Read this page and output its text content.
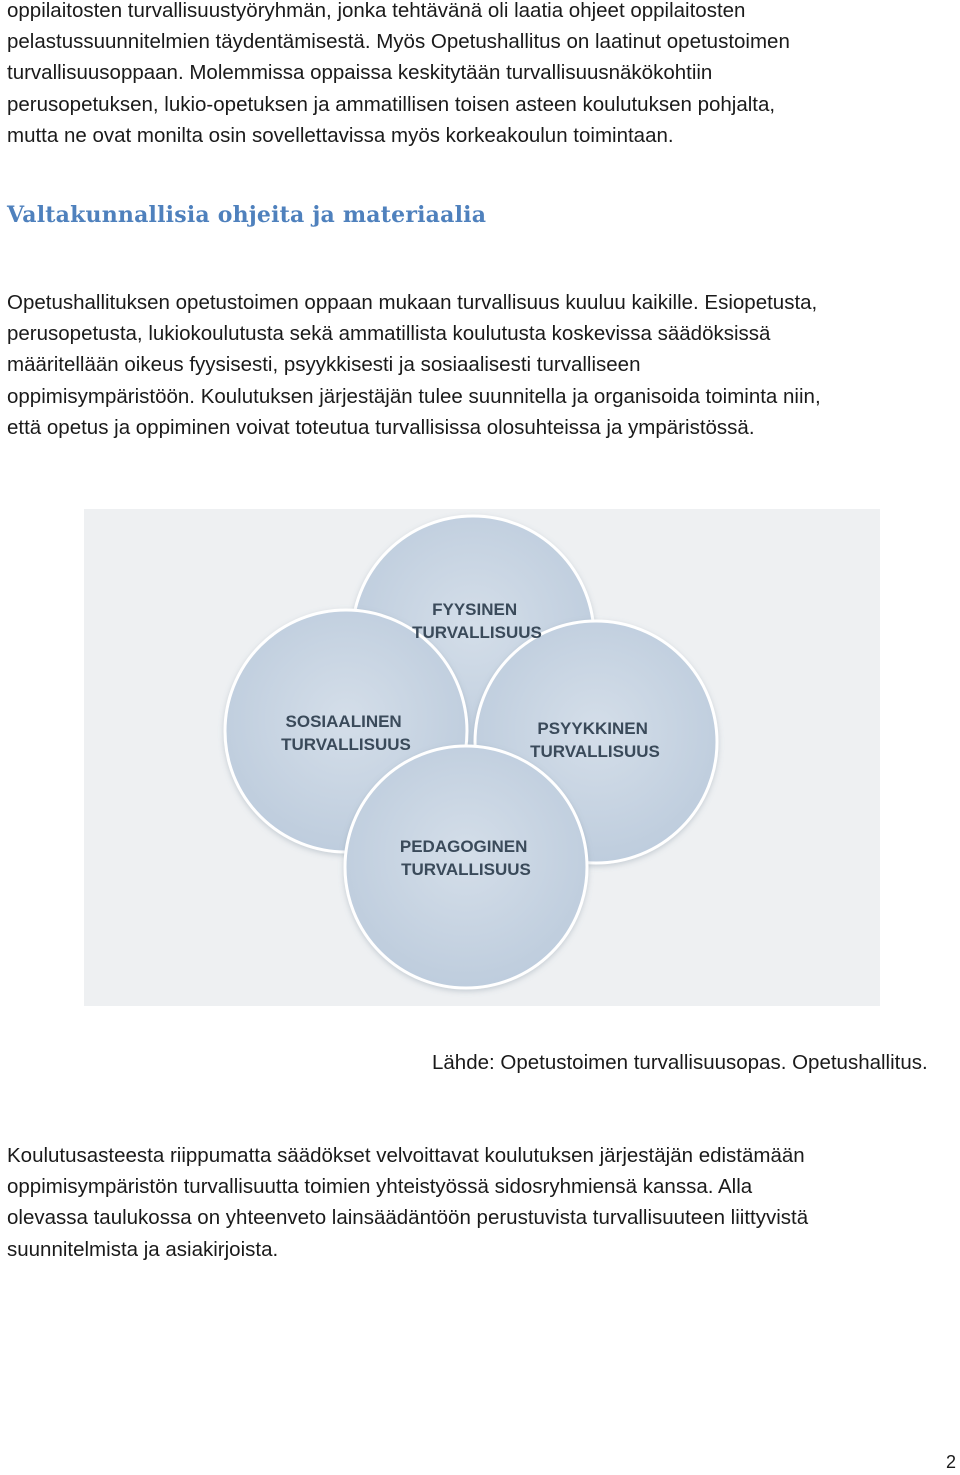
oppilaitosten turvallisuustyöryhmän, jonka tehtävänä oli laatia ohjeet oppilaitosten
pelastussuunnitelmien täydentämisestä. Myös Opetushallitus on laatinut opetustoimen
turvallisuusoppaan. Molemmissa oppaissa keskitytään turvallisuusnäkökohtiin
perusopetuksen, lukio-opetuksen ja ammatillisen toisen asteen koulutuksen pohjalta,
mutta ne ovat monilta osin sovellettavissa myös korkeakoulun toimintaan.

Valtakunnallisia ohjeita ja materiaalia

Opetushallituksen opetustoimen oppaan mukaan turvallisuus kuuluu kaikille. Esiopetusta,
perusopetusta, lukiokoulutusta sekä ammatillista koulutusta koskevissa säädöksissä
määritellään oikeus fyysisesti, psyykkisesti ja sosiaalisesti turvalliseen
oppimisympäristöön. Koulutuksen järjestäjän tulee suunnitella ja organisoida toiminta niin,
että opetus ja oppiminen voivat toteutua turvallisissa olosuhteissa ja ympäristössä.

FYYSINEN TURVALLISUUS
SOSIAALINEN TURVALLISUUS
PSYYKKINEN TURVALLISUUS
PEDAGOGINEN TURVALLISUUS

Lähde: Opetustoimen turvallisuusopas. Opetushallitus.

Koulutusasteesta riippumatta säädökset velvoittavat koulutuksen järjestäjän edistämään
oppimisympäristön turvallisuutta toimien yhteistyössä sidosryhmiensä kanssa. Alla
olevassa taulukossa on yhteenveto lainsäädäntöön perustuvista turvallisuuteen liittyvistä
suunnitelmista ja asiakirjoista.

2
